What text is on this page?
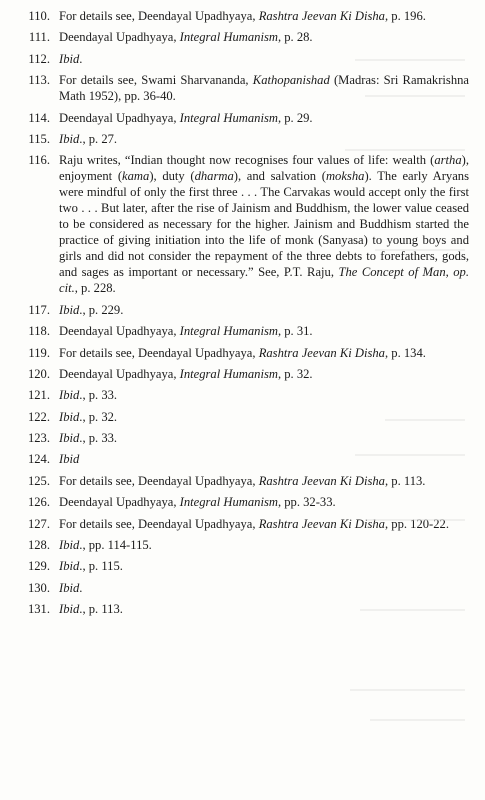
110. For details see, Deendayal Upadhyaya, Rashtra Jeevan Ki Disha, p. 196.
111. Deendayal Upadhyaya, Integral Humanism, p. 28.
112. Ibid.
113. For details see, Swami Sharvananda, Kathopanishad (Madras: Sri Ramakrishna Math 1952), pp. 36-40.
114. Deendayal Upadhyaya, Integral Humanism, p. 29.
115. Ibid., p. 27.
116. Raju writes, “Indian thought now recognises four values of life: wealth (artha), enjoyment (kama), duty (dharma), and salvation (moksha). The early Aryans were mindful of only the first three . . . The Carvakas would accept only the first two . . . But later, after the rise of Jainism and Buddhism, the lower value ceased to be considered as necessary for the higher. Jainism and Buddhism started the practice of giving initiation into the life of monk (Sanyasa) to young boys and girls and did not consider the repayment of the three debts to forefathers, gods, and sages as important or necessary.” See, P.T. Raju, The Concept of Man, op. cit., p. 228.
117. Ibid., p. 229.
118. Deendayal Upadhyaya, Integral Humanism, p. 31.
119. For details see, Deendayal Upadhyaya, Rashtra Jeevan Ki Disha, p. 134.
120. Deendayal Upadhyaya, Integral Humanism, p. 32.
121. Ibid., p. 33.
122. Ibid., p. 32.
123. Ibid., p. 33.
124. Ibid
125. For details see, Deendayal Upadhyaya, Rashtra Jeevan Ki Disha, p. 113.
126. Deendayal Upadhyaya, Integral Humanism, pp. 32-33.
127. For details see, Deendayal Upadhyaya, Rashtra Jeevan Ki Disha, pp. 120-22.
128. Ibid., pp. 114-115.
129. Ibid., p. 115.
130. Ibid.
131. Ibid., p. 113.
